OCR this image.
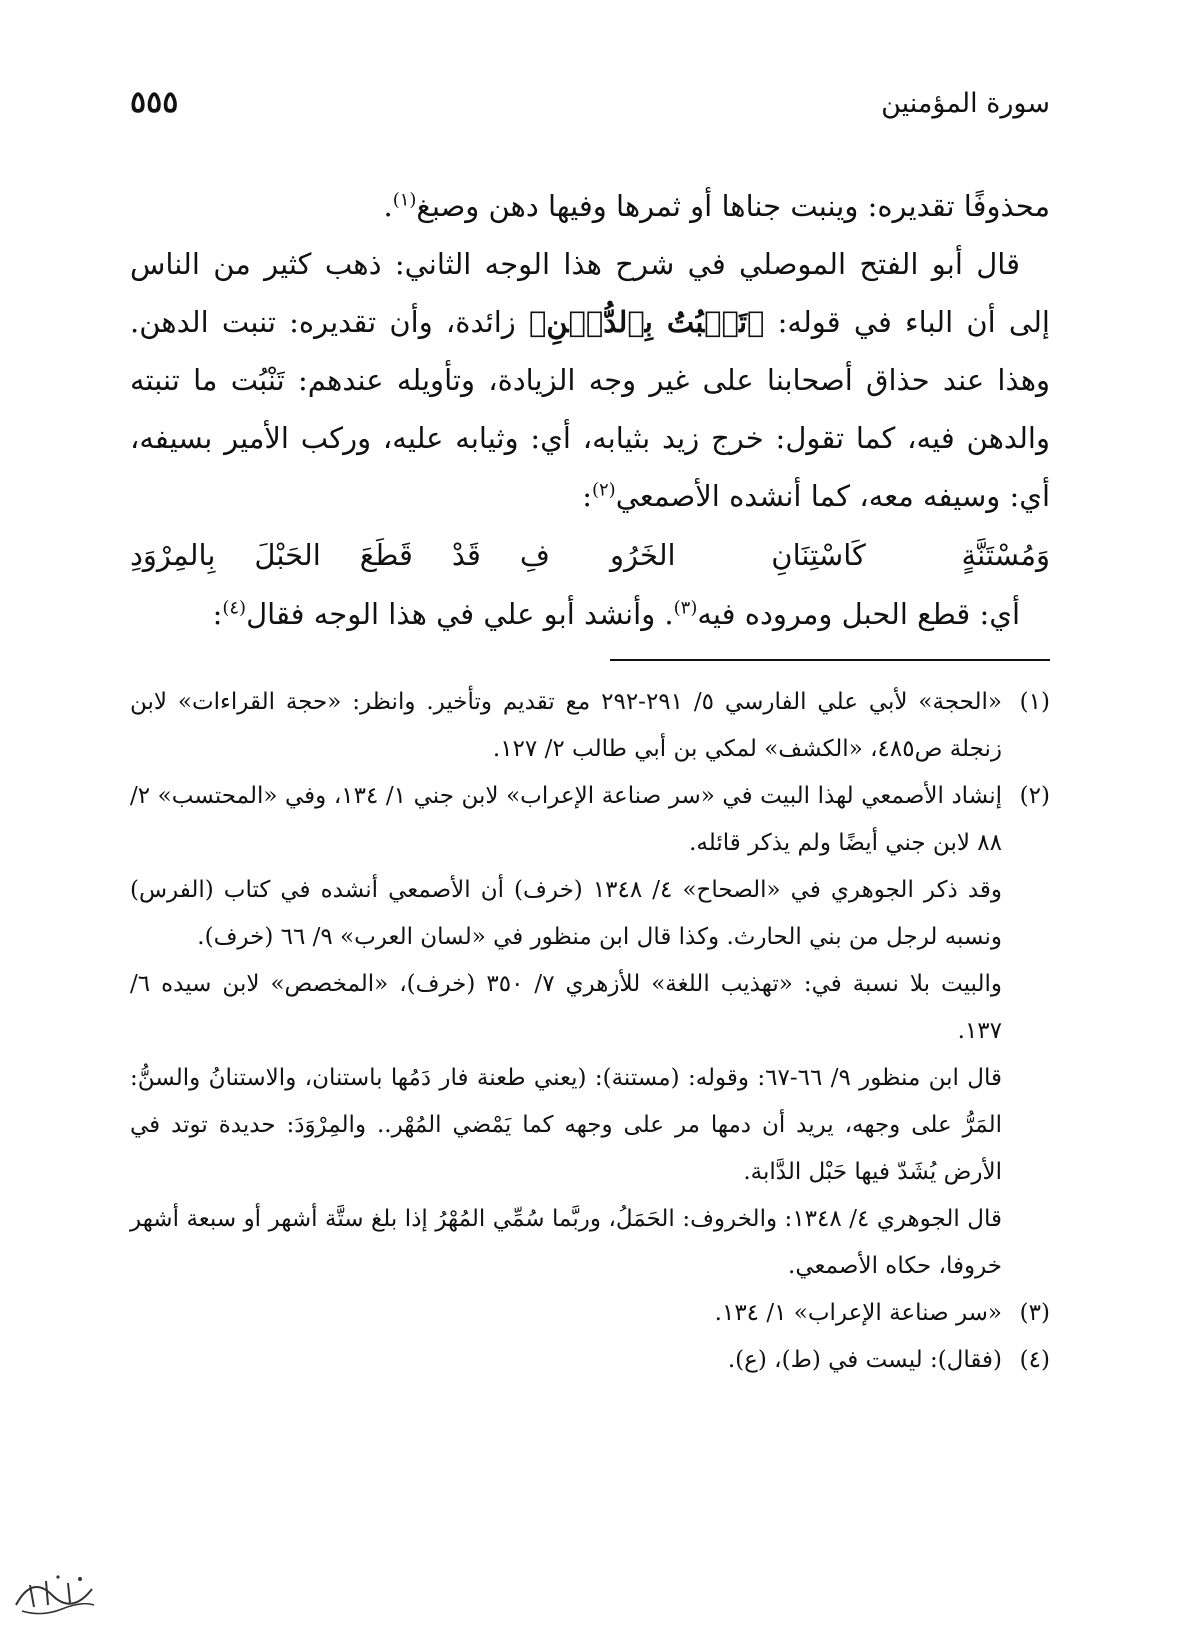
سورة المؤمنين
٥٥٥

محذوفًا تقديره: وينبت جناها أو ثمرها وفيها دهن وصبغ$^{(١)}$.

قال أبو الفتح الموصلي في شرح هذا الوجه الثاني: ذهب كثير من الناس إلى أن الباء في قوله: ﴿تَنۢبُتُ بِٱلدُّهۡنِ﴾ زائدة، وأن تقديره: تنبت الدهن. وهذا عند حذاق أصحابنا على غير وجه الزيادة، وتأويله عندهم: تَنْبُت ما تنبته والدهن فيه، كما تقول: خرج زيد بثيابه، أي: وثيابه عليه، وركب الأمير بسيفه، أي: وسيفه معه، كما أنشده الأصمعي$^{(٢)}$:

وَمُسْتَنَّةٍ كَاسْتِنَانِ الخَرُو
فِ قَدْ قَطَعَ الحَبْلَ بِالمِرْوَدِ

أي: قطع الحبل ومروده فيه$^{(٣)}$. وأنشد أبو علي في هذا الوجه فقال$^{(٤)}$:

(١)
«الحجة» لأبي علي الفارسي ٥/ ٢٩١-٢٩٢ مع تقديم وتأخير. وانظر: «حجة القراءات» لابن زنجلة ص٤٨٥، «الكشف» لمكي بن أبي طالب ٢/ ١٢٧.
(٢)
إنشاد الأصمعي لهذا البيت في «سر صناعة الإعراب» لابن جني ١/ ١٣٤، وفي «المحتسب» ٢/ ٨٨ لابن جني أيضًا ولم يذكر قائله.
وقد ذكر الجوهري في «الصحاح» ٤/ ١٣٤٨ (خرف) أن الأصمعي أنشده في كتاب (الفرس) ونسبه لرجل من بني الحارث. وكذا قال ابن منظور في «لسان العرب» ٩/ ٦٦ (خرف).
والبيت بلا نسبة في: «تهذيب اللغة» للأزهري ٧/ ٣٥٠ (خرف)، «المخصص» لابن سيده ٦/ ١٣٧.
قال ابن منظور ٩/ ٦٦-٦٧: وقوله: (مستنة): (يعني طعنة فار دَمُها باستنان، والاستنانُ والسنُّ: المَرُّ على وجهه، يريد أن دمها مر على وجهه كما يَمْضي المُهْر.. والمِرْوَدَ: حديدة توتد في الأرض يُشَدّ فيها حَبْل الدَّابة.
قال الجوهري ٤/ ١٣٤٨: والخروف: الحَمَلُ، وربَّما سُمِّي المُهْرُ إذا بلغ ستَّة أشهر أو سبعة أشهر خروفا، حكاه الأصمعي.
(٣)
«سر صناعة الإعراب» ١/ ١٣٤.
(٤)
(فقال): ليست في (ط)، (ع).
